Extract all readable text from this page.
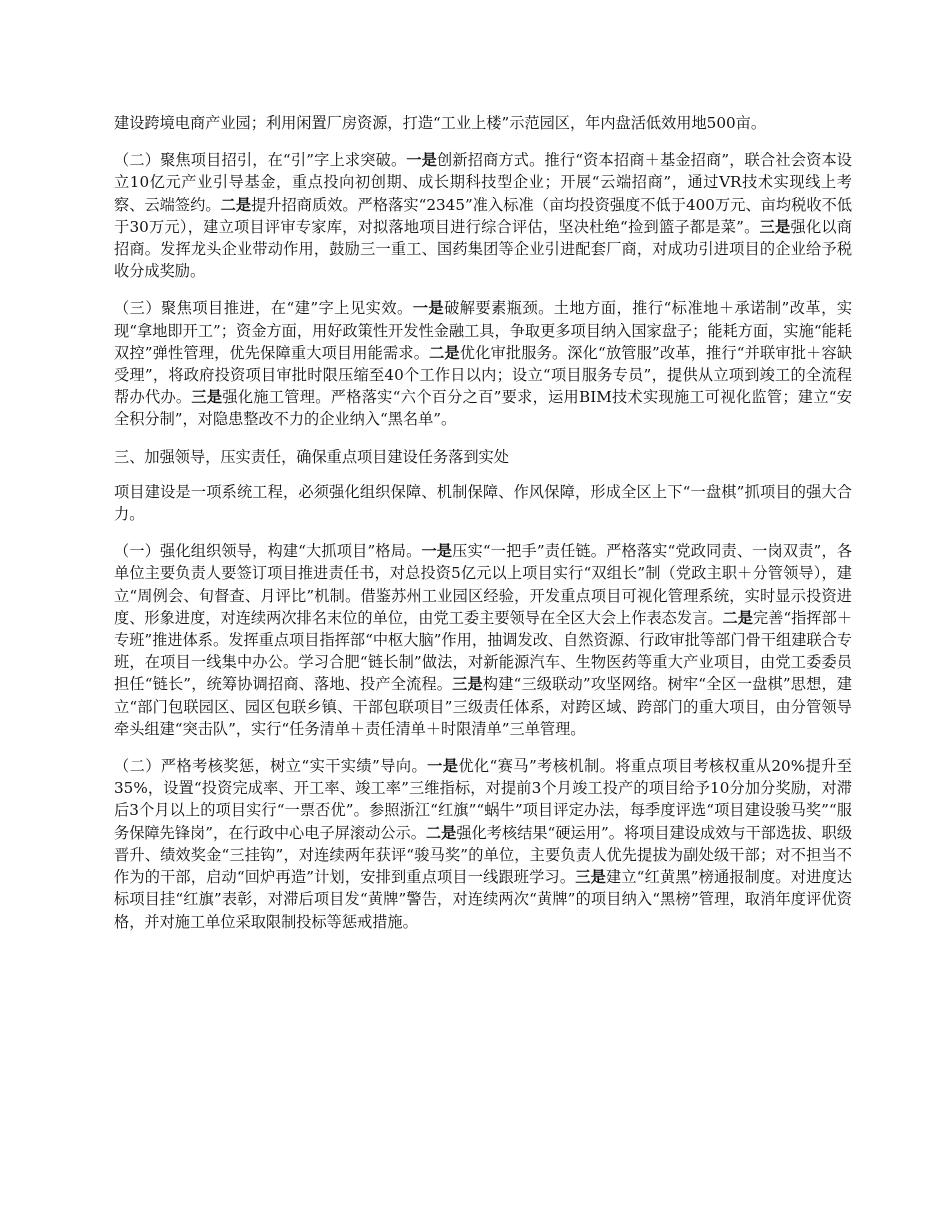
建设跨境电商产业园；利用闲置厂房资源，打造“工业上楼”示范园区，年内盘活低效用地500亩。

（二）聚焦项目招引，在“引”字上求突破。一是创新招商方式。推行“资本招商＋基金招商”，联合社会资本设立10亿元产业引导基金，重点投向初创期、成长期科技型企业；开展“云端招商”，通过VR技术实现线上考察、云端签约。二是提升招商质效。严格落实“2345”准入标准（亩均投资强度不低于400万元、亩均税收不低于30万元），建立项目评审专家库，对拟落地项目进行综合评估，坚决杜绝“捡到篮子都是菜”。三是强化以商招商。发挥龙头企业带动作用，鼓励三一重工、国药集团等企业引进配套厂商，对成功引进项目的企业给予税收分成奖励。

（三）聚焦项目推进，在“建”字上见实效。一是破解要素瓶颈。土地方面，推行“标准地＋承诺制”改革，实现“拿地即开工”；资金方面，用好政策性开发性金融工具，争取更多项目纳入国家盘子；能耗方面，实施“能耗双控”弹性管理，优先保障重大项目用能需求。二是优化审批服务。深化“放管服”改革，推行“并联审批＋容缺受理”，将政府投资项目审批时限压缩至40个工作日以内；设立“项目服务专员”，提供从立项到竣工的全流程帮办代办。三是强化施工管理。严格落实“六个百分之百”要求，运用BIM技术实现施工可视化监管；建立“安全积分制”，对隐患整改不力的企业纳入“黑名单”。

三、加强领导，压实责任，确保重点项目建设任务落到实处

项目建设是一项系统工程，必须强化组织保障、机制保障、作风保障，形成全区上下“一盘棋”抓项目的强大合力。

（一）强化组织领导，构建“大抓项目”格局。一是压实“一把手”责任链。严格落实“党政同责、一岗双责”，各单位主要负责人要签订项目推进责任书，对总投资5亿元以上项目实行“双组长”制（党政主职＋分管领导），建立“周例会、旬督查、月评比”机制。借鉴苏州工业园区经验，开发重点项目可视化管理系统，实时显示投资进度、形象进度，对连续两次排名末位的单位，由党工委主要领导在全区大会上作表态发言。二是完善“指挥部＋专班”推进体系。发挥重点项目指挥部“中枢大脑”作用，抽调发改、自然资源、行政审批等部门骨干组建联合专班，在项目一线集中办公。学习合肥“链长制”做法，对新能源汽车、生物医药等重大产业项目，由党工委委员担任“链长”，统筹协调招商、落地、投产全流程。三是构建“三级联动”攻坚网络。树牢“全区一盘棋”思想，建立“部门包联园区、园区包联乡镇、干部包联项目”三级责任体系，对跨区域、跨部门的重大项目，由分管领导牵头组建“突击队”，实行“任务清单＋责任清单＋时限清单”三单管理。

（二）严格考核奖惩，树立“实干实绩”导向。一是优化“赛马”考核机制。将重点项目考核权重从20%提升至35%，设置“投资完成率、开工率、竣工率”三维指标，对提前3个月竣工投产的项目给予10分加分奖励，对滞后3个月以上的项目实行“一票否优”。参照浙江“红旗”“蜗牛”项目评定办法，每季度评选“项目建设骏马奖”“服务保障先锋岗”，在行政中心电子屏滚动公示。二是强化考核结果“硬运用”。将项目建设成效与干部选拔、职级晋升、绩效奖金“三挂钩”，对连续两年获评“骏马奖”的单位，主要负责人优先提拔为副处级干部；对不担当不作为的干部，启动“回炉再造”计划，安排到重点项目一线跟班学习。三是建立“红黄黑”榜通报制度。对进度达标项目挂“红旗”表彰，对滞后项目发“黄牌”警告，对连续两次“黄牌”的项目纳入“黑榜”管理，取消年度评优资格，并对施工单位采取限制投标等惩戒措施。
